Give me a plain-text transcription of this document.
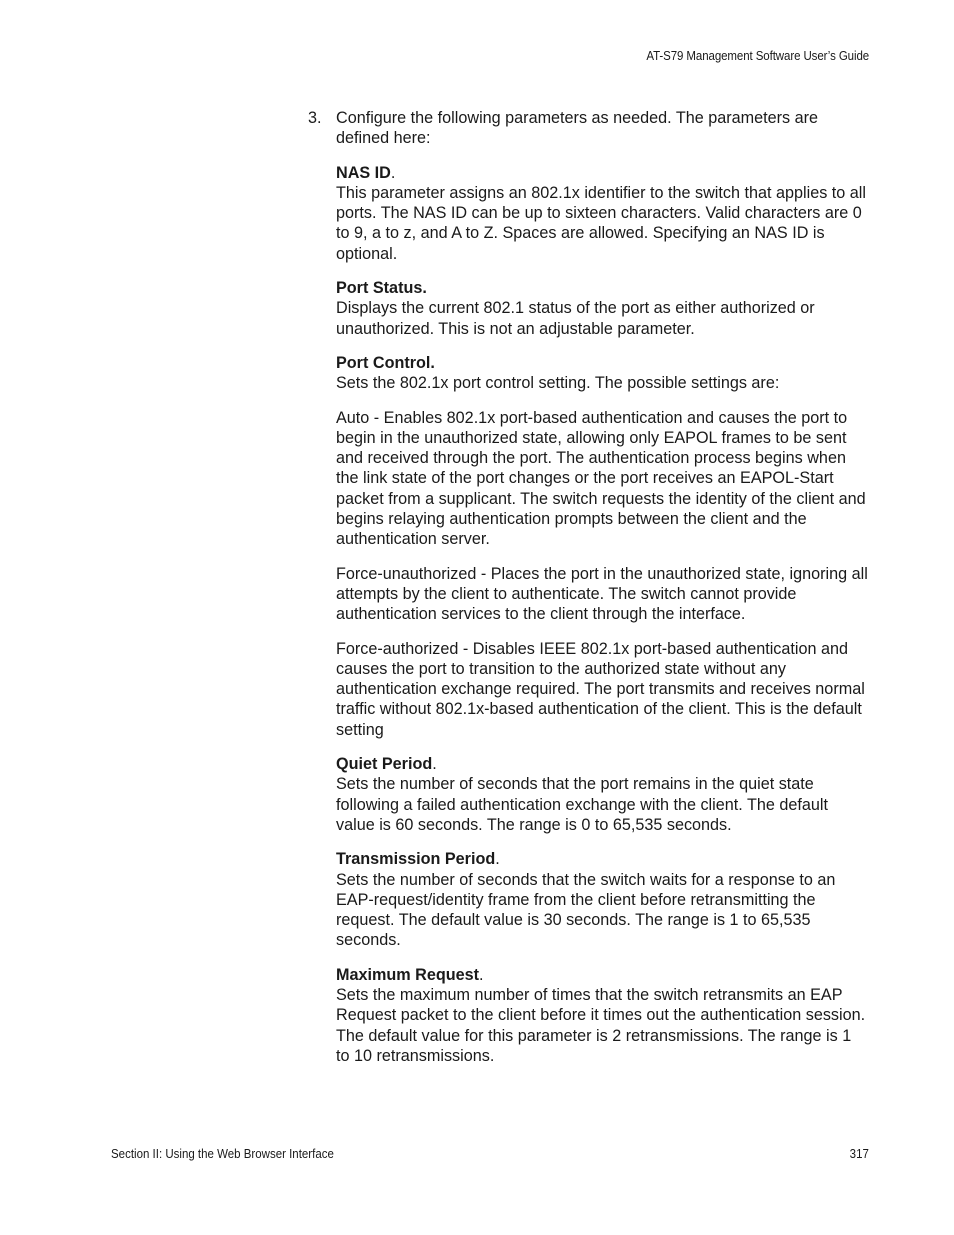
AT-S79 Management Software User’s Guide
3. Configure the following parameters as needed. The parameters are defined here:

NAS ID.
This parameter assigns an 802.1x identifier to the switch that applies to all ports. The NAS ID can be up to sixteen characters. Valid characters are 0 to 9, a to z, and A to Z. Spaces are allowed. Specifying an NAS ID is optional.
Port Status.
Displays the current 802.1 status of the port as either authorized or unauthorized. This is not an adjustable parameter.
Port Control.
Sets the 802.1x port control setting. The possible settings are:

Auto - Enables 802.1x port-based authentication and causes the port to begin in the unauthorized state, allowing only EAPOL frames to be sent and received through the port. The authentication process begins when the link state of the port changes or the port receives an EAPOL-Start packet from a supplicant. The switch requests the identity of the client and begins relaying authentication prompts between the client and the authentication server.

Force-unauthorized - Places the port in the unauthorized state, ignoring all attempts by the client to authenticate. The switch cannot provide authentication services to the client through the interface.

Force-authorized - Disables IEEE 802.1x port-based authentication and causes the port to transition to the authorized state without any authentication exchange required. The port transmits and receives normal traffic without 802.1x-based authentication of the client. This is the default setting

Quiet Period.
Sets the number of seconds that the port remains in the quiet state following a failed authentication exchange with the client. The default value is 60 seconds. The range is 0 to 65,535 seconds.
Transmission Period.
Sets the number of seconds that the switch waits for a response to an EAP-request/identity frame from the client before retransmitting the request. The default value is 30 seconds. The range is 1 to 65,535 seconds.
Maximum Request.
Sets the maximum number of times that the switch retransmits an EAP Request packet to the client before it times out the authentication session. The default value for this parameter is 2 retransmissions. The range is 1 to 10 retransmissions.
Section II: Using the Web Browser Interface	317
